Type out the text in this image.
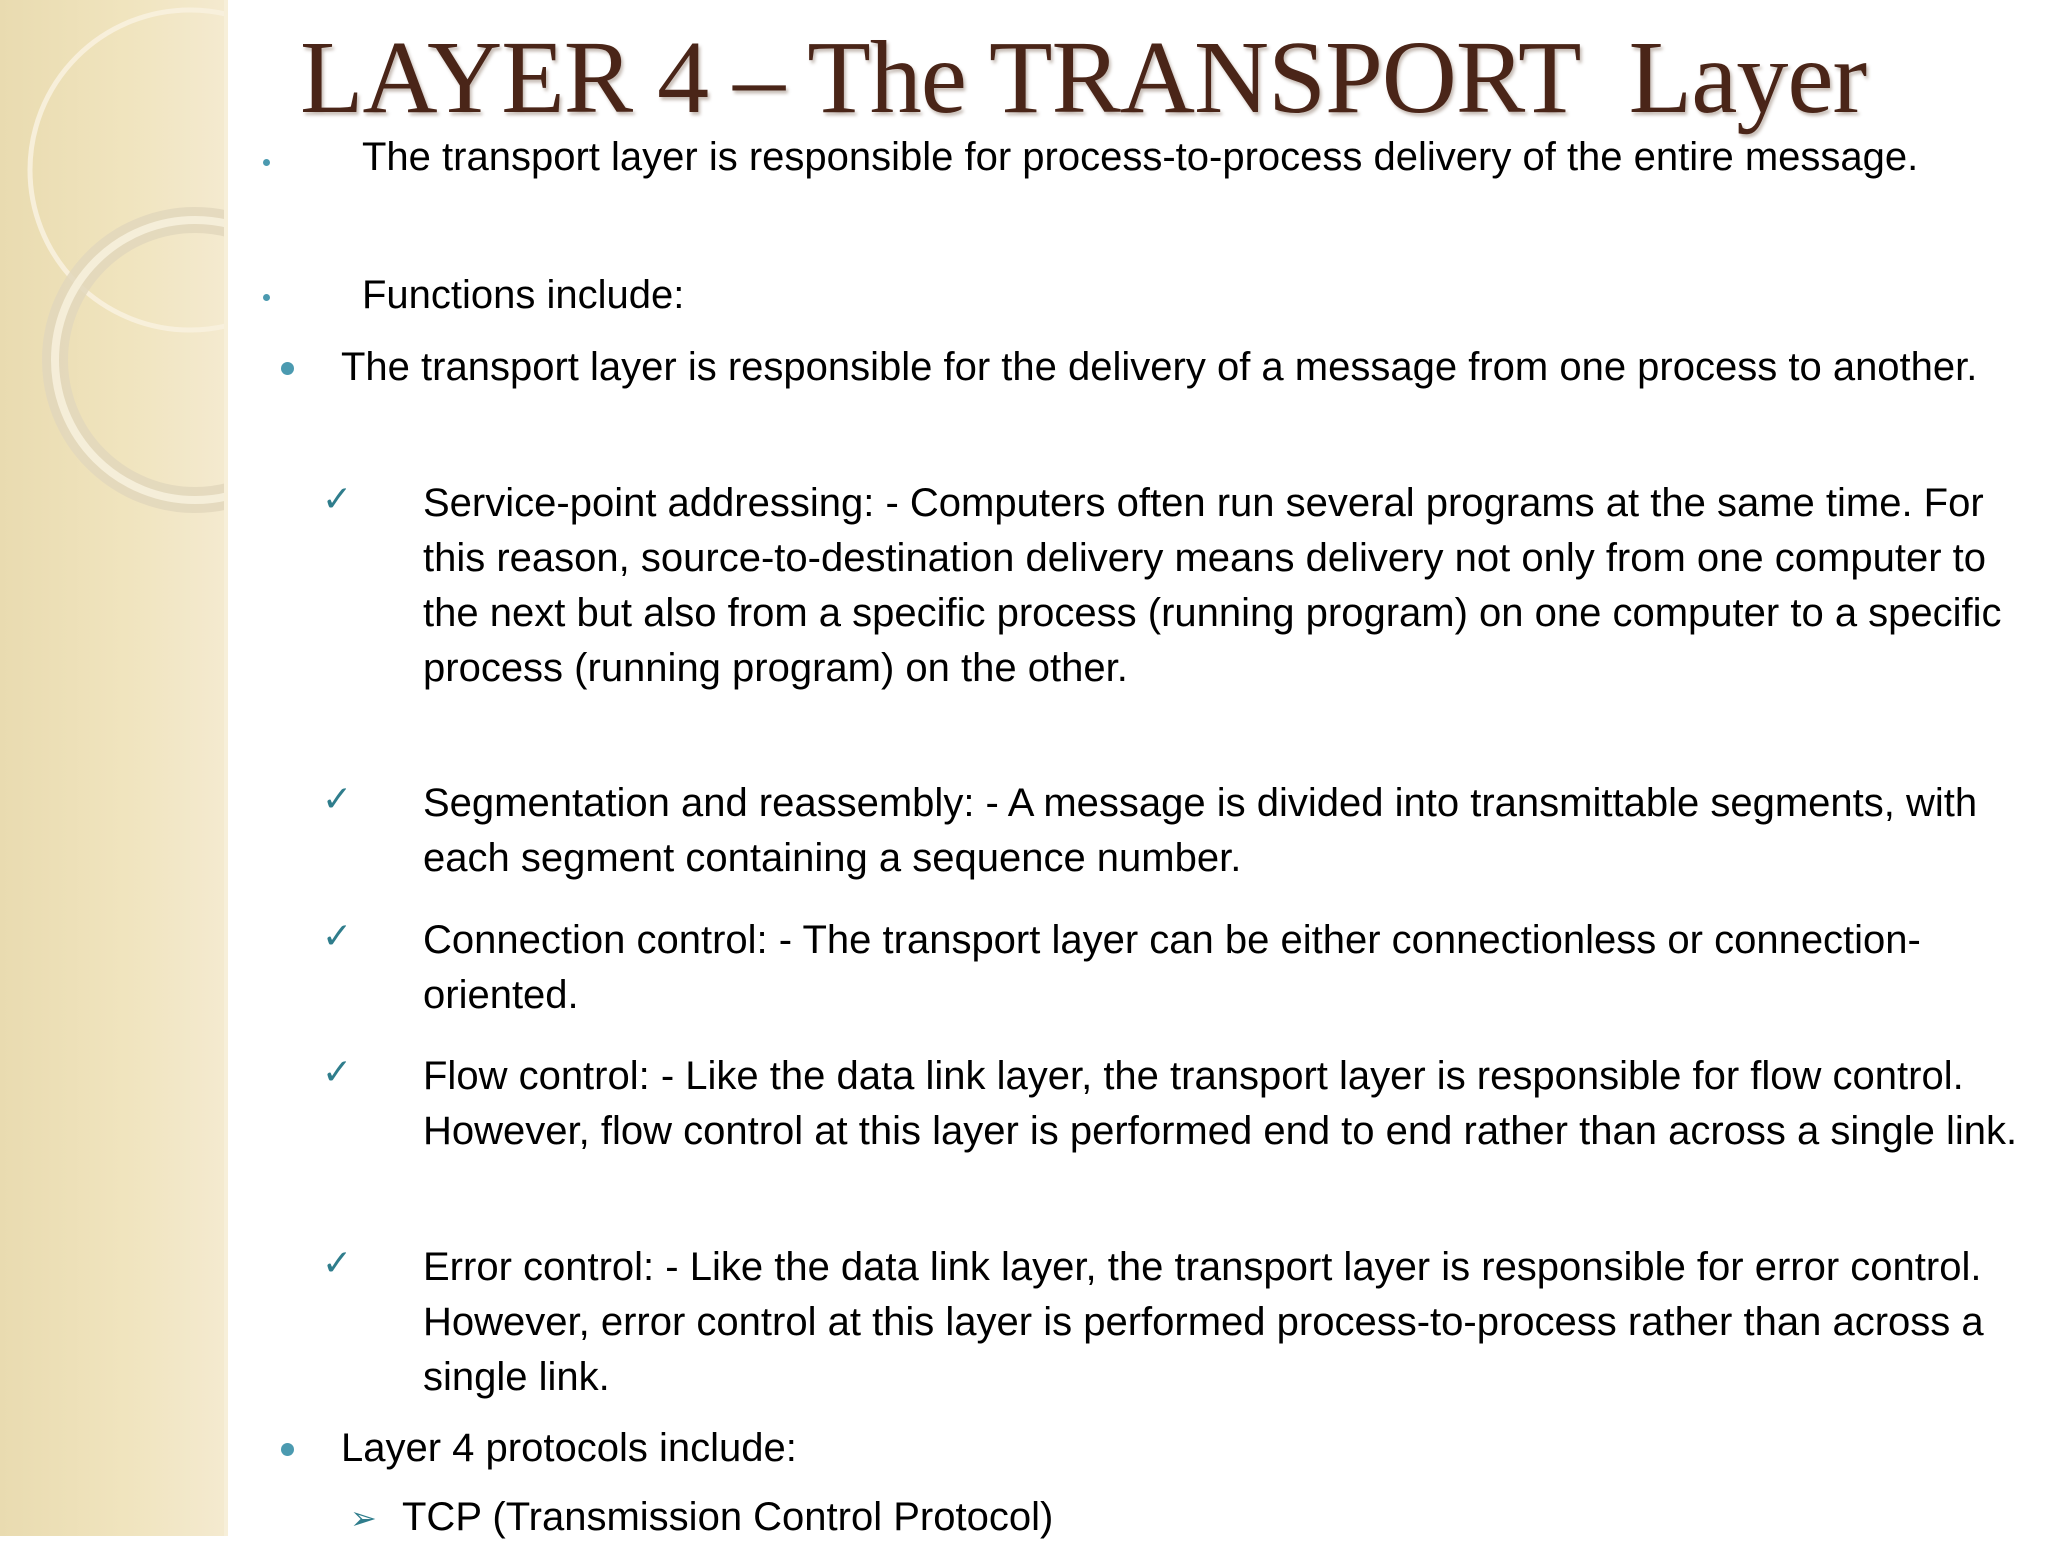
LAYER 4 – The TRANSPORT  Layer
The transport layer is responsible for process-to-process delivery of the entire message.
Functions include:
The transport layer is responsible for the delivery of a message from one process to another.
✓ Service-point addressing: - Computers often run several programs at the same time. For this reason, source-to-destination delivery means delivery not only from one computer to the next but also from a specific process (running program) on one computer to a specific process (running program) on the other.
✓ Segmentation and reassembly: - A message is divided into transmittable segments, with each segment containing a sequence number.
✓ Connection control: - The transport layer can be either connectionless or connection-oriented.
✓ Flow control: - Like the data link layer, the transport layer is responsible for flow control. However, flow control at this layer is performed end to end rather than across a single link.
✓ Error control: - Like the data link layer, the transport layer is responsible for error control. However, error control at this layer is performed process-to-process rather than across a single link.
Layer 4 protocols include:
➢ TCP (Transmission Control Protocol)
